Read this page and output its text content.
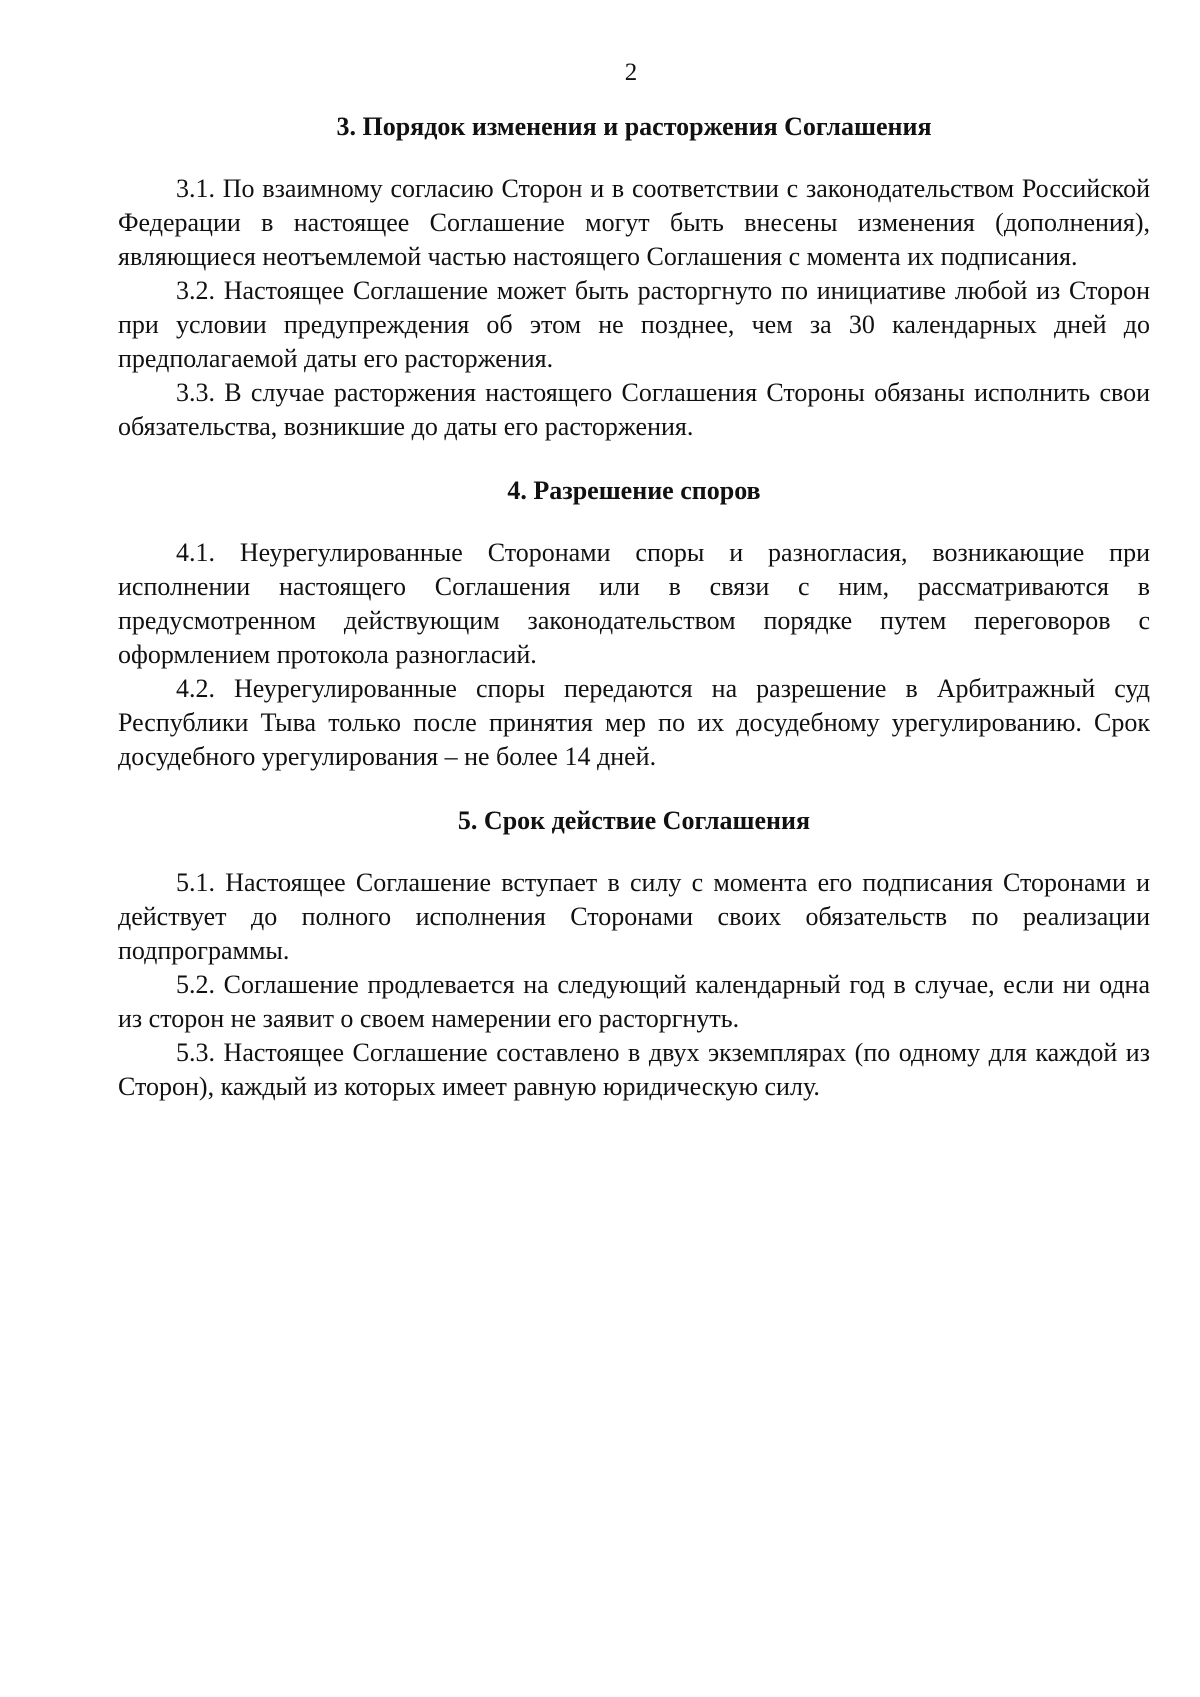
2
3. Порядок изменения и расторжения Соглашения

3.1. По взаимному согласию Сторон и в соответствии с законодательством Российской Федерации в настоящее Соглашение могут быть внесены изменения (дополнения), являющиеся неотъемлемой частью настоящего Соглашения с момента их подписания.

3.2. Настоящее Соглашение может быть расторгнуто по инициативе любой из Сторон при условии предупреждения об этом не позднее, чем за 30 календарных дней до предполагаемой даты его расторжения.

3.3. В случае расторжения настоящего Соглашения Стороны обязаны исполнить свои обязательства, возникшие до даты его расторжения.

4. Разрешение споров

4.1. Неурегулированные Сторонами споры и разногласия, возникающие при исполнении настоящего Соглашения или в связи с ним, рассматриваются в предусмотренном действующим законодательством порядке путем переговоров с оформлением протокола разногласий.

4.2. Неурегулированные споры передаются на разрешение в Арбитражный суд Республики Тыва только после принятия мер по их досудебному урегулированию. Срок досудебного урегулирования – не более 14 дней.

5. Срок действие Соглашения

5.1. Настоящее Соглашение вступает в силу с момента его подписания Сторонами и действует до полного исполнения Сторонами своих обязательств по реализации подпрограммы.

5.2. Соглашение продлевается на следующий календарный год в случае, если ни одна из сторон не заявит о своем намерении его расторгнуть.

5.3. Настоящее Соглашение составлено в двух экземплярах (по одному для каждой из Сторон), каждый из которых имеет равную юридическую силу.
